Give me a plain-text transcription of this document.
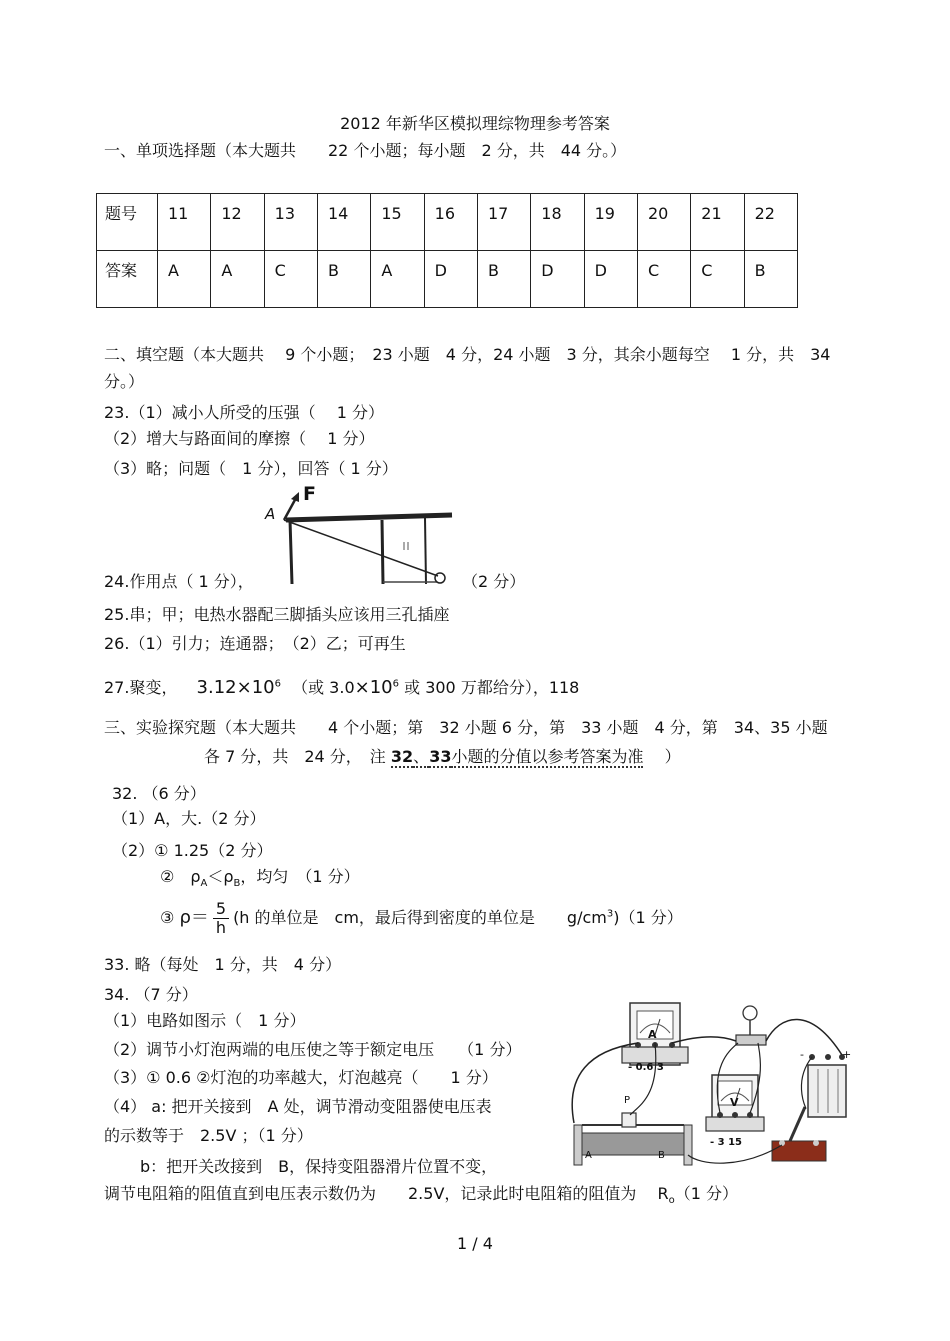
2012 年新华区模拟理综物理参考答案
一、单项选择题（本大题共　　22 个小题；每小题　2 分，共　44 分。）
题号	11	12	13	14	15	16	17	18	19	20	21	22
答案	A	A	C	B	A	D	B	D	D	C	C	B
二、填空题（本大题共　 9 个小题；　23 小题　4 分，24 小题　3 分，其余小题每空　 1 分，共　34
分。）
23.（1）减小人所受的压强（　 1 分）
（2）增大与路面间的摩擦（　 1 分）
（3）略；问题（　1 分），回答（ 1 分）
A
F
24.作用点（ 1 分），	（2 分）
25.串；甲；电热水器配三脚插头应该用三孔插座
26.（1）引力；连通器；　（2）乙；可再生
27.聚变， $3.12\times 10^6$ （或 $3.0\times 10^6$ 或 300 万都给分），118
三、实验探究题（本大题共　　4 个小题；第　32 小题 6 分，第　33 小题　4 分，第　34、35 小题
各 7 分，共　24 分，　注 32、33小题的分值以参考答案为准 　）
32. （6 分）
（1）A，大.（2 分）
（2）① 1.25（2 分）
②　$\rho_A<\rho_B$，均匀　（1 分）
③ $\rho= \frac{5}{h} (h$ 的单位是　cm，最后得到密度的单位是　　$g/cm^3)(1$ 分）
33. 略（每处　1 分，共　4 分）
34. （7 分）
（1）电路如图示（　1 分）
（2）调节小灯泡两端的电压使之等于额定电压　　（1 分）
（3）① 0.6 ②灯泡的功率越大，灯泡越亮（　　1 分）
（4） a: 把开关接到　A 处，调节滑动变阻器使电压表
的示数等于　2.5V ；（1 分）
b：把开关改接到　B，保持变阻器滑片位置不变，
调节电阻箱的阻值直到电压表示数仍为　　2.5V，记录此时电阻箱的阻值为　 $R_o(1$ 分）
A
- 0.6 3
V
- 3 15
P
A	B
-	+
1 / 4
